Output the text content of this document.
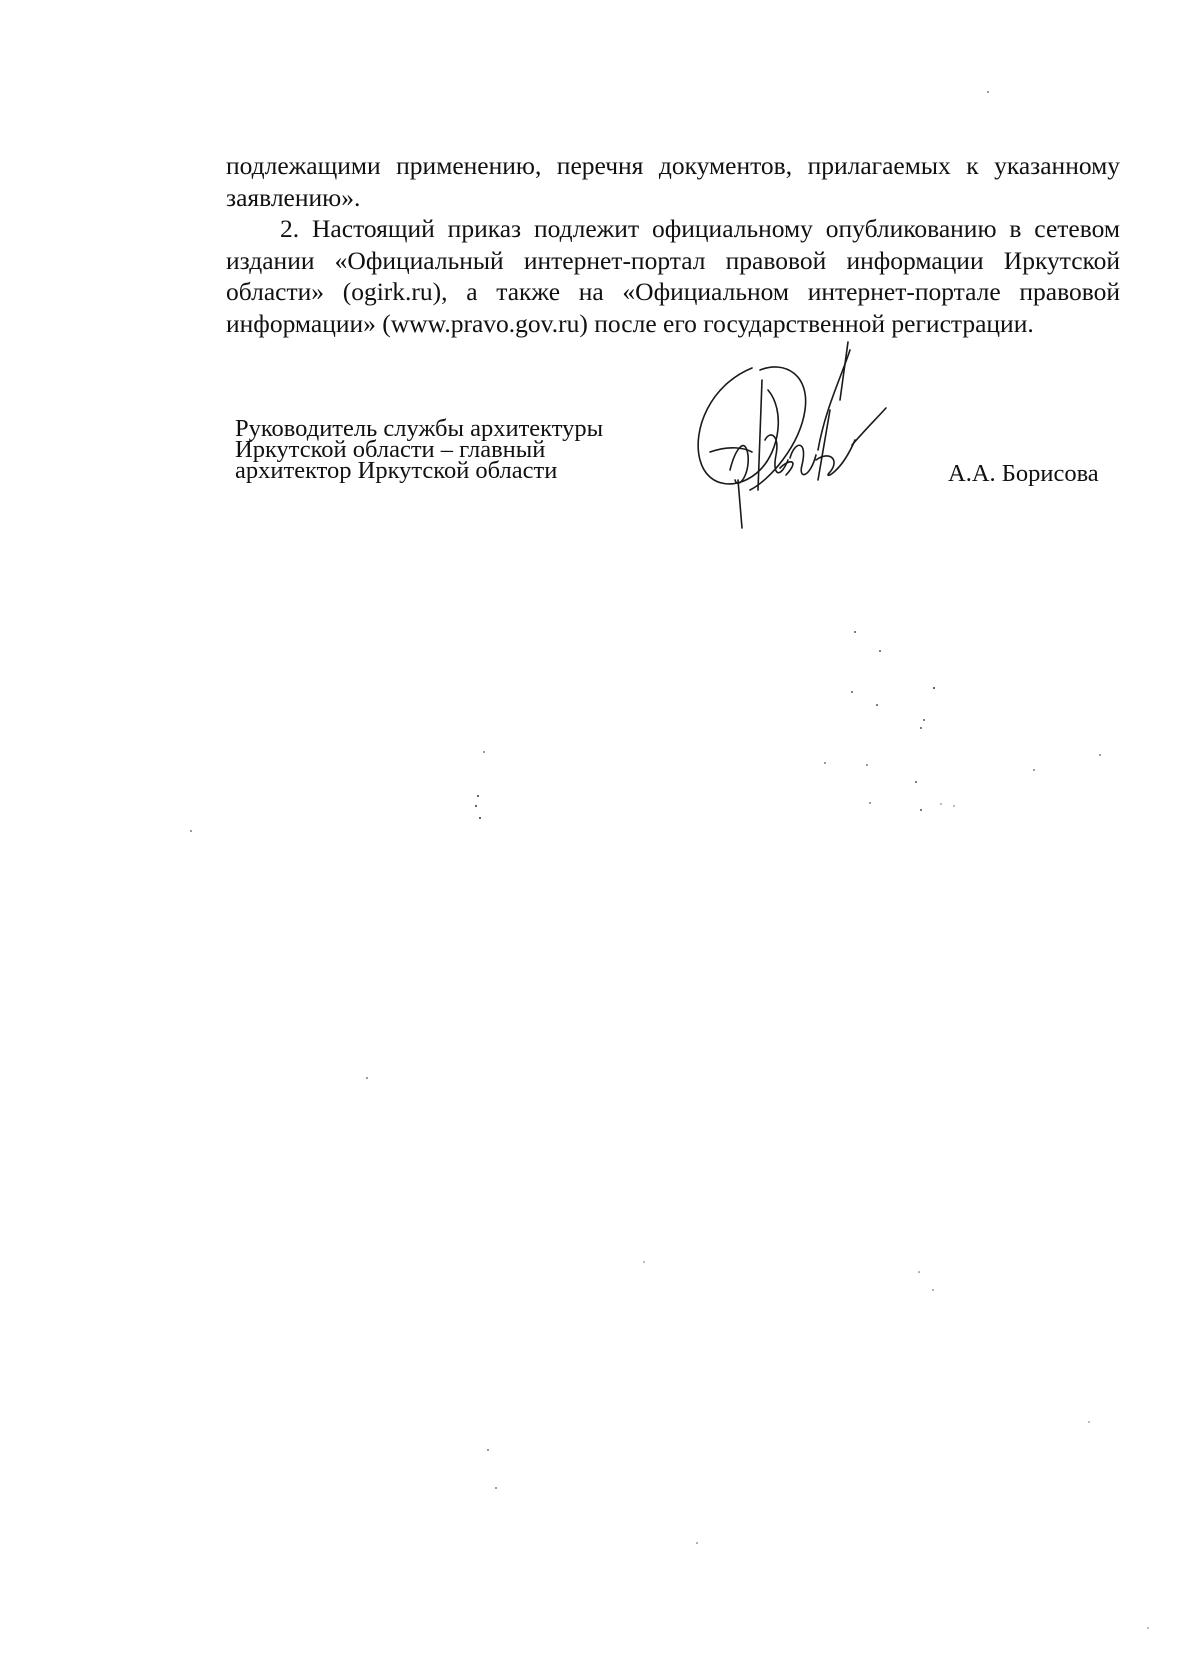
подлежащими применению, перечня документов, прилагаемых к указанному заявлению».

2. Настоящий приказ подлежит официальному опубликованию в сетевом издании «Официальный интернет-портал правовой информации Иркутской области» (ogirk.ru), а также на «Официальном интернет-портале правовой информации» (www.pravo.gov.ru) после его государственной регистрации.

Руководитель службы архитектуры
Иркутской области – главный
архитектор Иркутской области	А.А. Борисова
